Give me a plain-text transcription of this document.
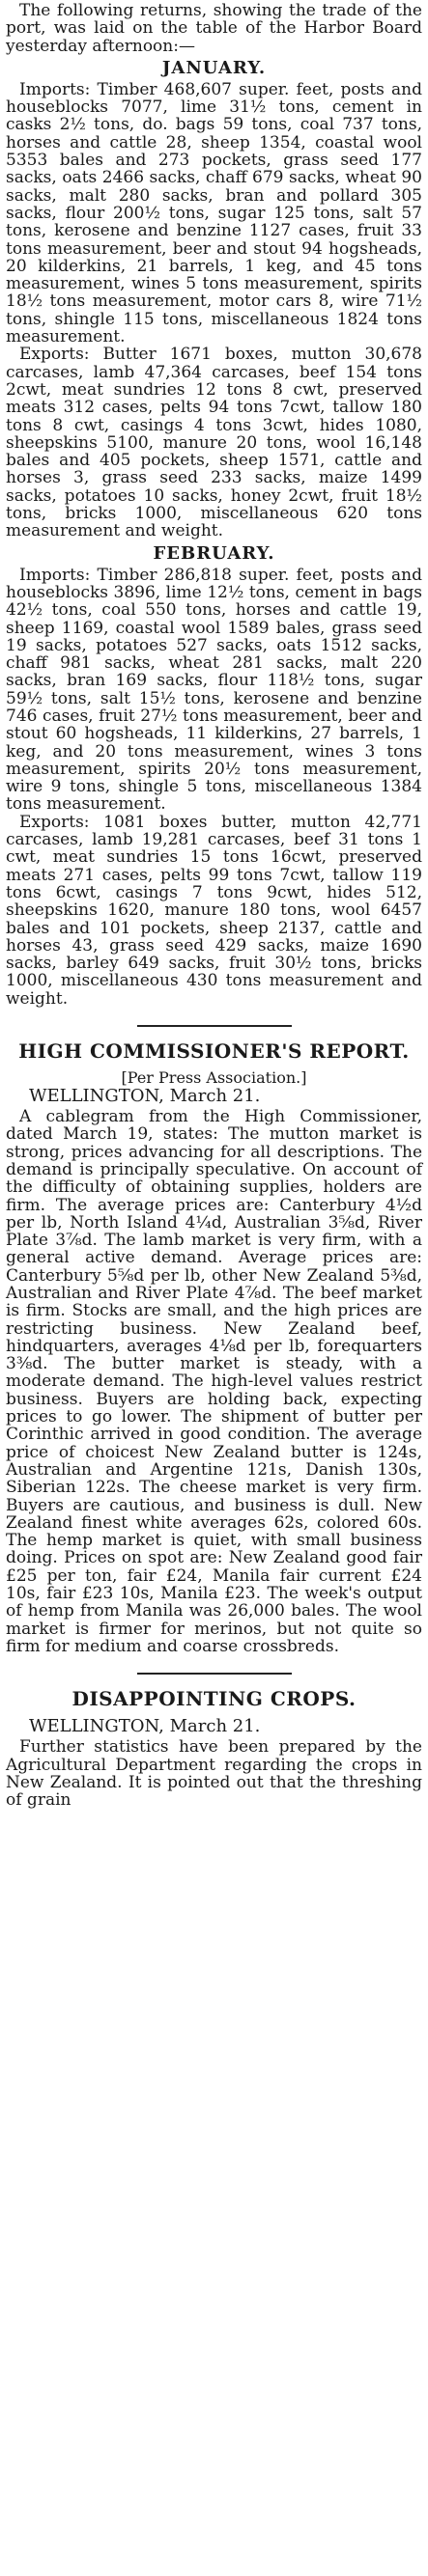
The following returns, showing the trade of the port, was laid on the table of the Harbor Board yesterday afternoon:—

JANUARY.

Imports: Timber 468,607 super. feet, posts and houseblocks 7077, lime 31½ tons, cement in casks 2½ tons, do. bags 59 tons, coal 737 tons, horses and cattle 28, sheep 1354, coastal wool 5353 bales and 273 pockets, grass seed 177 sacks, oats 2466 sacks, chaff 679 sacks, wheat 90 sacks, malt 280 sacks, bran and pollard 305 sacks, flour 200½ tons, sugar 125 tons, salt 57 tons, kerosene and benzine 1127 cases, fruit 33 tons measurement, beer and stout 94 hogsheads, 20 kilderkins, 21 barrels, 1 keg, and 45 tons measurement, wines 5 tons measurement, spirits 18½ tons measurement, motor cars 8, wire 71½ tons, shingle 115 tons, miscellaneous 1824 tons measurement.

Exports: Butter 1671 boxes, mutton 30,678 carcases, lamb 47,364 carcases, beef 154 tons 2cwt, meat sundries 12 tons 8 cwt, preserved meats 312 cases, pelts 94 tons 7cwt, tallow 180 tons 8 cwt, casings 4 tons 3cwt, hides 1080, sheepskins 5100, manure 20 tons, wool 16,148 bales and 405 pockets, sheep 1571, cattle and horses 3, grass seed 233 sacks, maize 1499 sacks, potatoes 10 sacks, honey 2cwt, fruit 18½ tons, bricks 1000, miscellaneous 620 tons measurement and weight.

FEBRUARY.

Imports: Timber 286,818 super. feet, posts and houseblocks 3896, lime 12½ tons, cement in bags 42½ tons, coal 550 tons, horses and cattle 19, sheep 1169, coastal wool 1589 bales, grass seed 19 sacks, potatoes 527 sacks, oats 1512 sacks, chaff 981 sacks, wheat 281 sacks, malt 220 sacks, bran 169 sacks, flour 118½ tons, sugar 59½ tons, salt 15½ tons, kerosene and benzine 746 cases, fruit 27½ tons measurement, beer and stout 60 hogsheads, 11 kilderkins, 27 barrels, 1 keg, and 20 tons measurement, wines 3 tons measurement, spirits 20½ tons measurement, wire 9 tons, shingle 5 tons, miscellaneous 1384 tons measurement.

Exports: 1081 boxes butter, mutton 42,771 carcases, lamb 19,281 carcases, beef 31 tons 1 cwt, meat sundries 15 tons 16cwt, preserved meats 271 cases, pelts 99 tons 7cwt, tallow 119 tons 6cwt, casings 7 tons 9cwt, hides 512, sheepskins 1620, manure 180 tons, wool 6457 bales and 101 pockets, sheep 2137, cattle and horses 43, grass seed 429 sacks, maize 1690 sacks, barley 649 sacks, fruit 30½ tons, bricks 1000, miscellaneous 430 tons measurement and weight.

HIGH COMMISSIONER'S REPORT.

[Per Press Association.]

WELLINGTON, March 21.

A cablegram from the High Commissioner, dated March 19, states: The mutton market is strong, prices advancing for all descriptions. The demand is principally speculative. On account of the difficulty of obtaining supplies, holders are firm. The average prices are: Canterbury 4½d per lb, North Island 4¼d, Australian 3⅝d, River Plate 3⅞d. The lamb market is very firm, with a general active demand. Average prices are: Canterbury 5⅝d per lb, other New Zealand 5⅜d, Australian and River Plate 4⅞d. The beef market is firm. Stocks are small, and the high prices are restricting business. New Zealand beef, hindquarters, averages 4⅛d per lb, forequarters 3⅜d. The butter market is steady, with a moderate demand. The high-level values restrict business. Buyers are holding back, expecting prices to go lower. The shipment of butter per Corinthic arrived in good condition. The average price of choicest New Zealand butter is 124s, Australian and Argentine 121s, Danish 130s, Siberian 122s. The cheese market is very firm. Buyers are cautious, and business is dull. New Zealand finest white averages 62s, colored 60s. The hemp market is quiet, with small business doing. Prices on spot are: New Zealand good fair £25 per ton, fair £24, Manila fair current £24 10s, fair £23 10s, Manila £23. The week's output of hemp from Manila was 26,000 bales. The wool market is firmer for merinos, but not quite so firm for medium and coarse crossbreds.

DISAPPOINTING CROPS.

WELLINGTON, March 21.

Further statistics have been prepared by the Agricultural Department regarding the crops in New Zealand. It is pointed out that the threshing of grain
